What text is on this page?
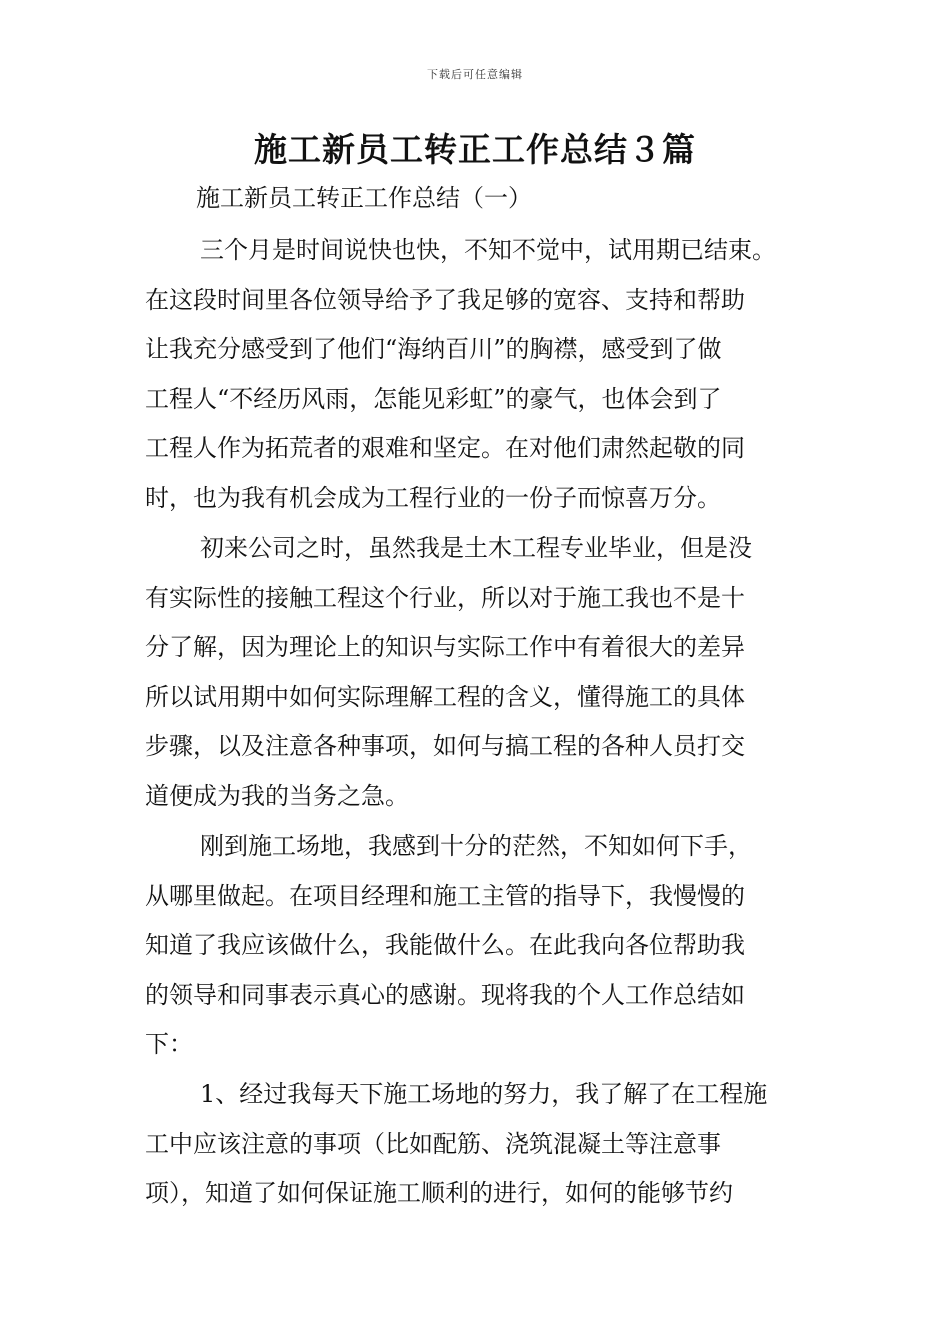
下载后可任意编辑
施工新员工转正工作总结３篇

施工新员工转正工作总结（一）

三个月是时间说快也快，不知不觉中，试用期已结束。
在这段时间里各位领导给予了我足够的宽容、支持和帮助
让我充分感受到了他们“海纳百川”的胸襟，感受到了做
工程人“不经历风雨，怎能见彩虹”的豪气，也体会到了
工程人作为拓荒者的艰难和坚定。在对他们肃然起敬的同
时，也为我有机会成为工程行业的一份子而惊喜万分。

初来公司之时，虽然我是土木工程专业毕业，但是没
有实际性的接触工程这个行业，所以对于施工我也不是十
分了解，因为理论上的知识与实际工作中有着很大的差异
所以试用期中如何实际理解工程的含义，懂得施工的具体
步骤，以及注意各种事项，如何与搞工程的各种人员打交
道便成为我的当务之急。

刚到施工场地，我感到十分的茫然，不知如何下手，
从哪里做起。在项目经理和施工主管的指导下，我慢慢的
知道了我应该做什么，我能做什么。在此我向各位帮助我
的领导和同事表示真心的感谢。现将我的个人工作总结如
下：

1、经过我每天下施工场地的努力，我了解了在工程施
工中应该注意的事项（比如配筋、浇筑混凝土等注意事
项），知道了如何保证施工顺利的进行，如何的能够节约
